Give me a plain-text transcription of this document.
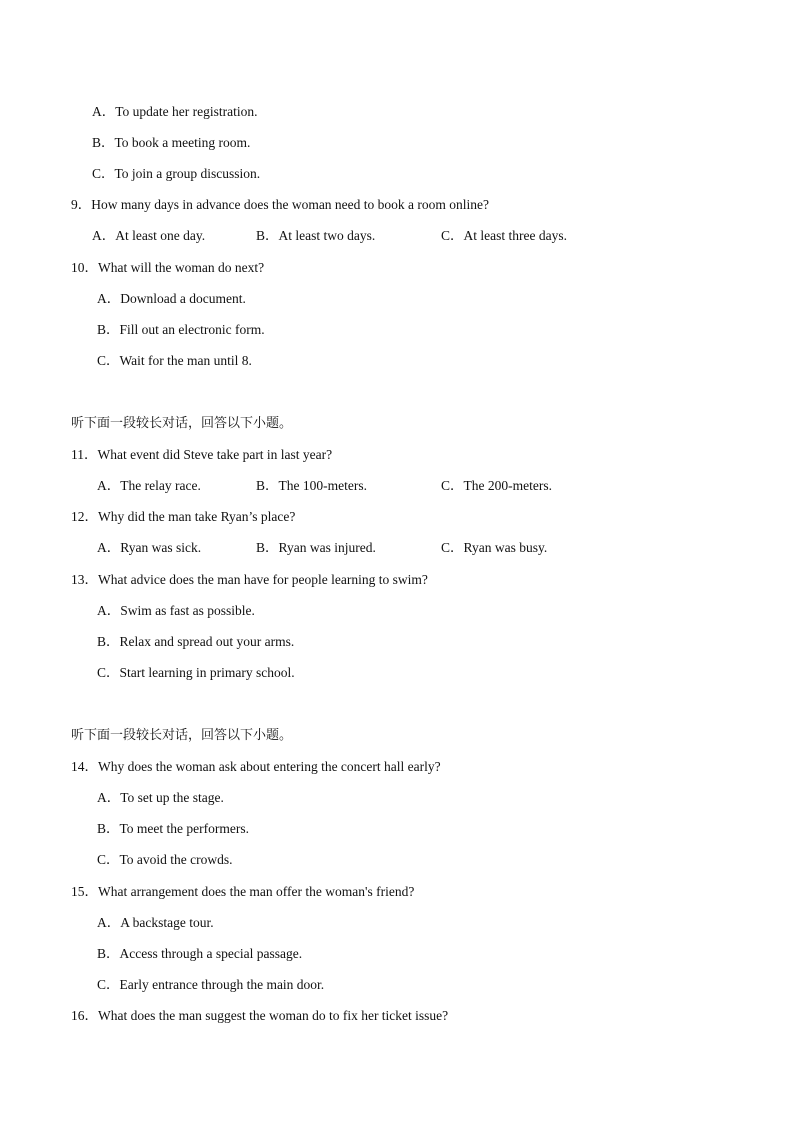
A．To update her registration.
B．To book a meeting room.
C．To join a group discussion.
9．How many days in advance does the woman need to book a room online?
A．At least one day.	B．At least two days.	C．At least three days.
10．What will the woman do next?
A．Download a document.
B．Fill out an electronic form.
C．Wait for the man until 8.
听下面一段较长对话，回答以下小题。
11．What event did Steve take part in last year?
A．The relay race.	B．The 100-meters.	C．The 200-meters.
12．Why did the man take Ryan’s place?
A．Ryan was sick.	B．Ryan was injured.	C．Ryan was busy.
13．What advice does the man have for people learning to swim?
A．Swim as fast as possible.
B．Relax and spread out your arms.
C．Start learning in primary school.
听下面一段较长对话，回答以下小题。
14．Why does the woman ask about entering the concert hall early?
A．To set up the stage.
B．To meet the performers.
C．To avoid the crowds.
15．What arrangement does the man offer the woman's friend?
A．A backstage tour.
B．Access through a special passage.
C．Early entrance through the main door.
16．What does the man suggest the woman do to fix her ticket issue?
